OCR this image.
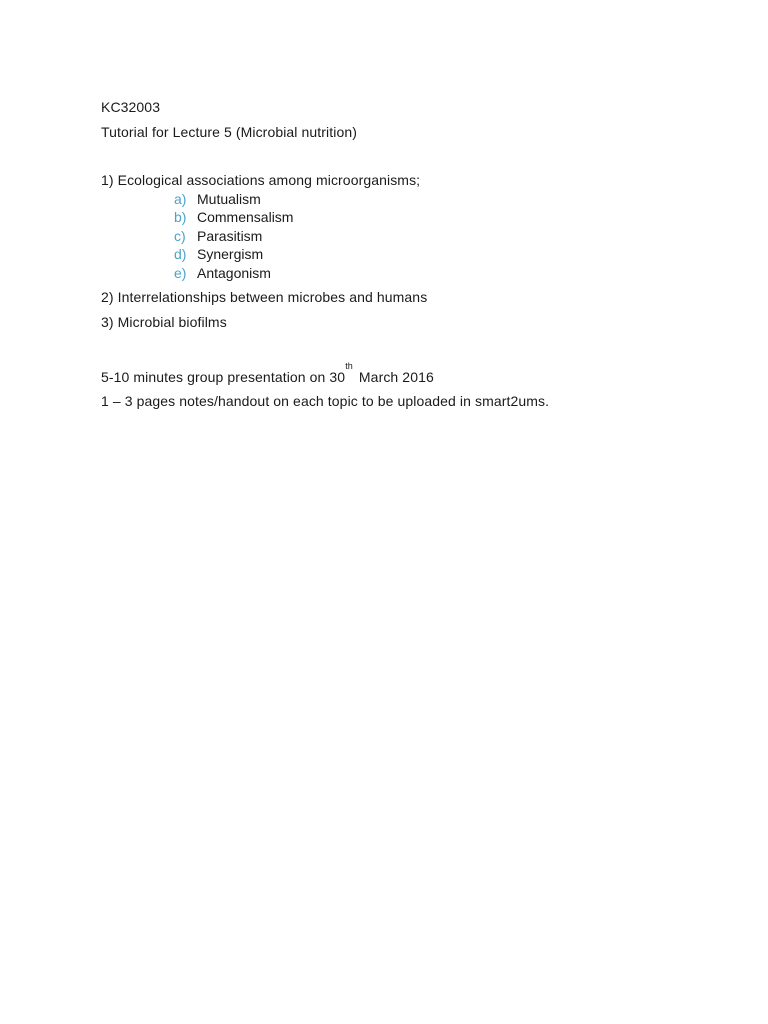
KC32003
Tutorial for Lecture 5 (Microbial nutrition)
1) Ecological associations among microorganisms;
a) Mutualism
b) Commensalism
c) Parasitism
d) Synergism
e) Antagonism
2) Interrelationships between microbes and humans
3) Microbial biofilms
5-10 minutes group presentation on 30thMarch 2016
1 – 3 pages notes/handout on each topic to be uploaded in smart2ums.
